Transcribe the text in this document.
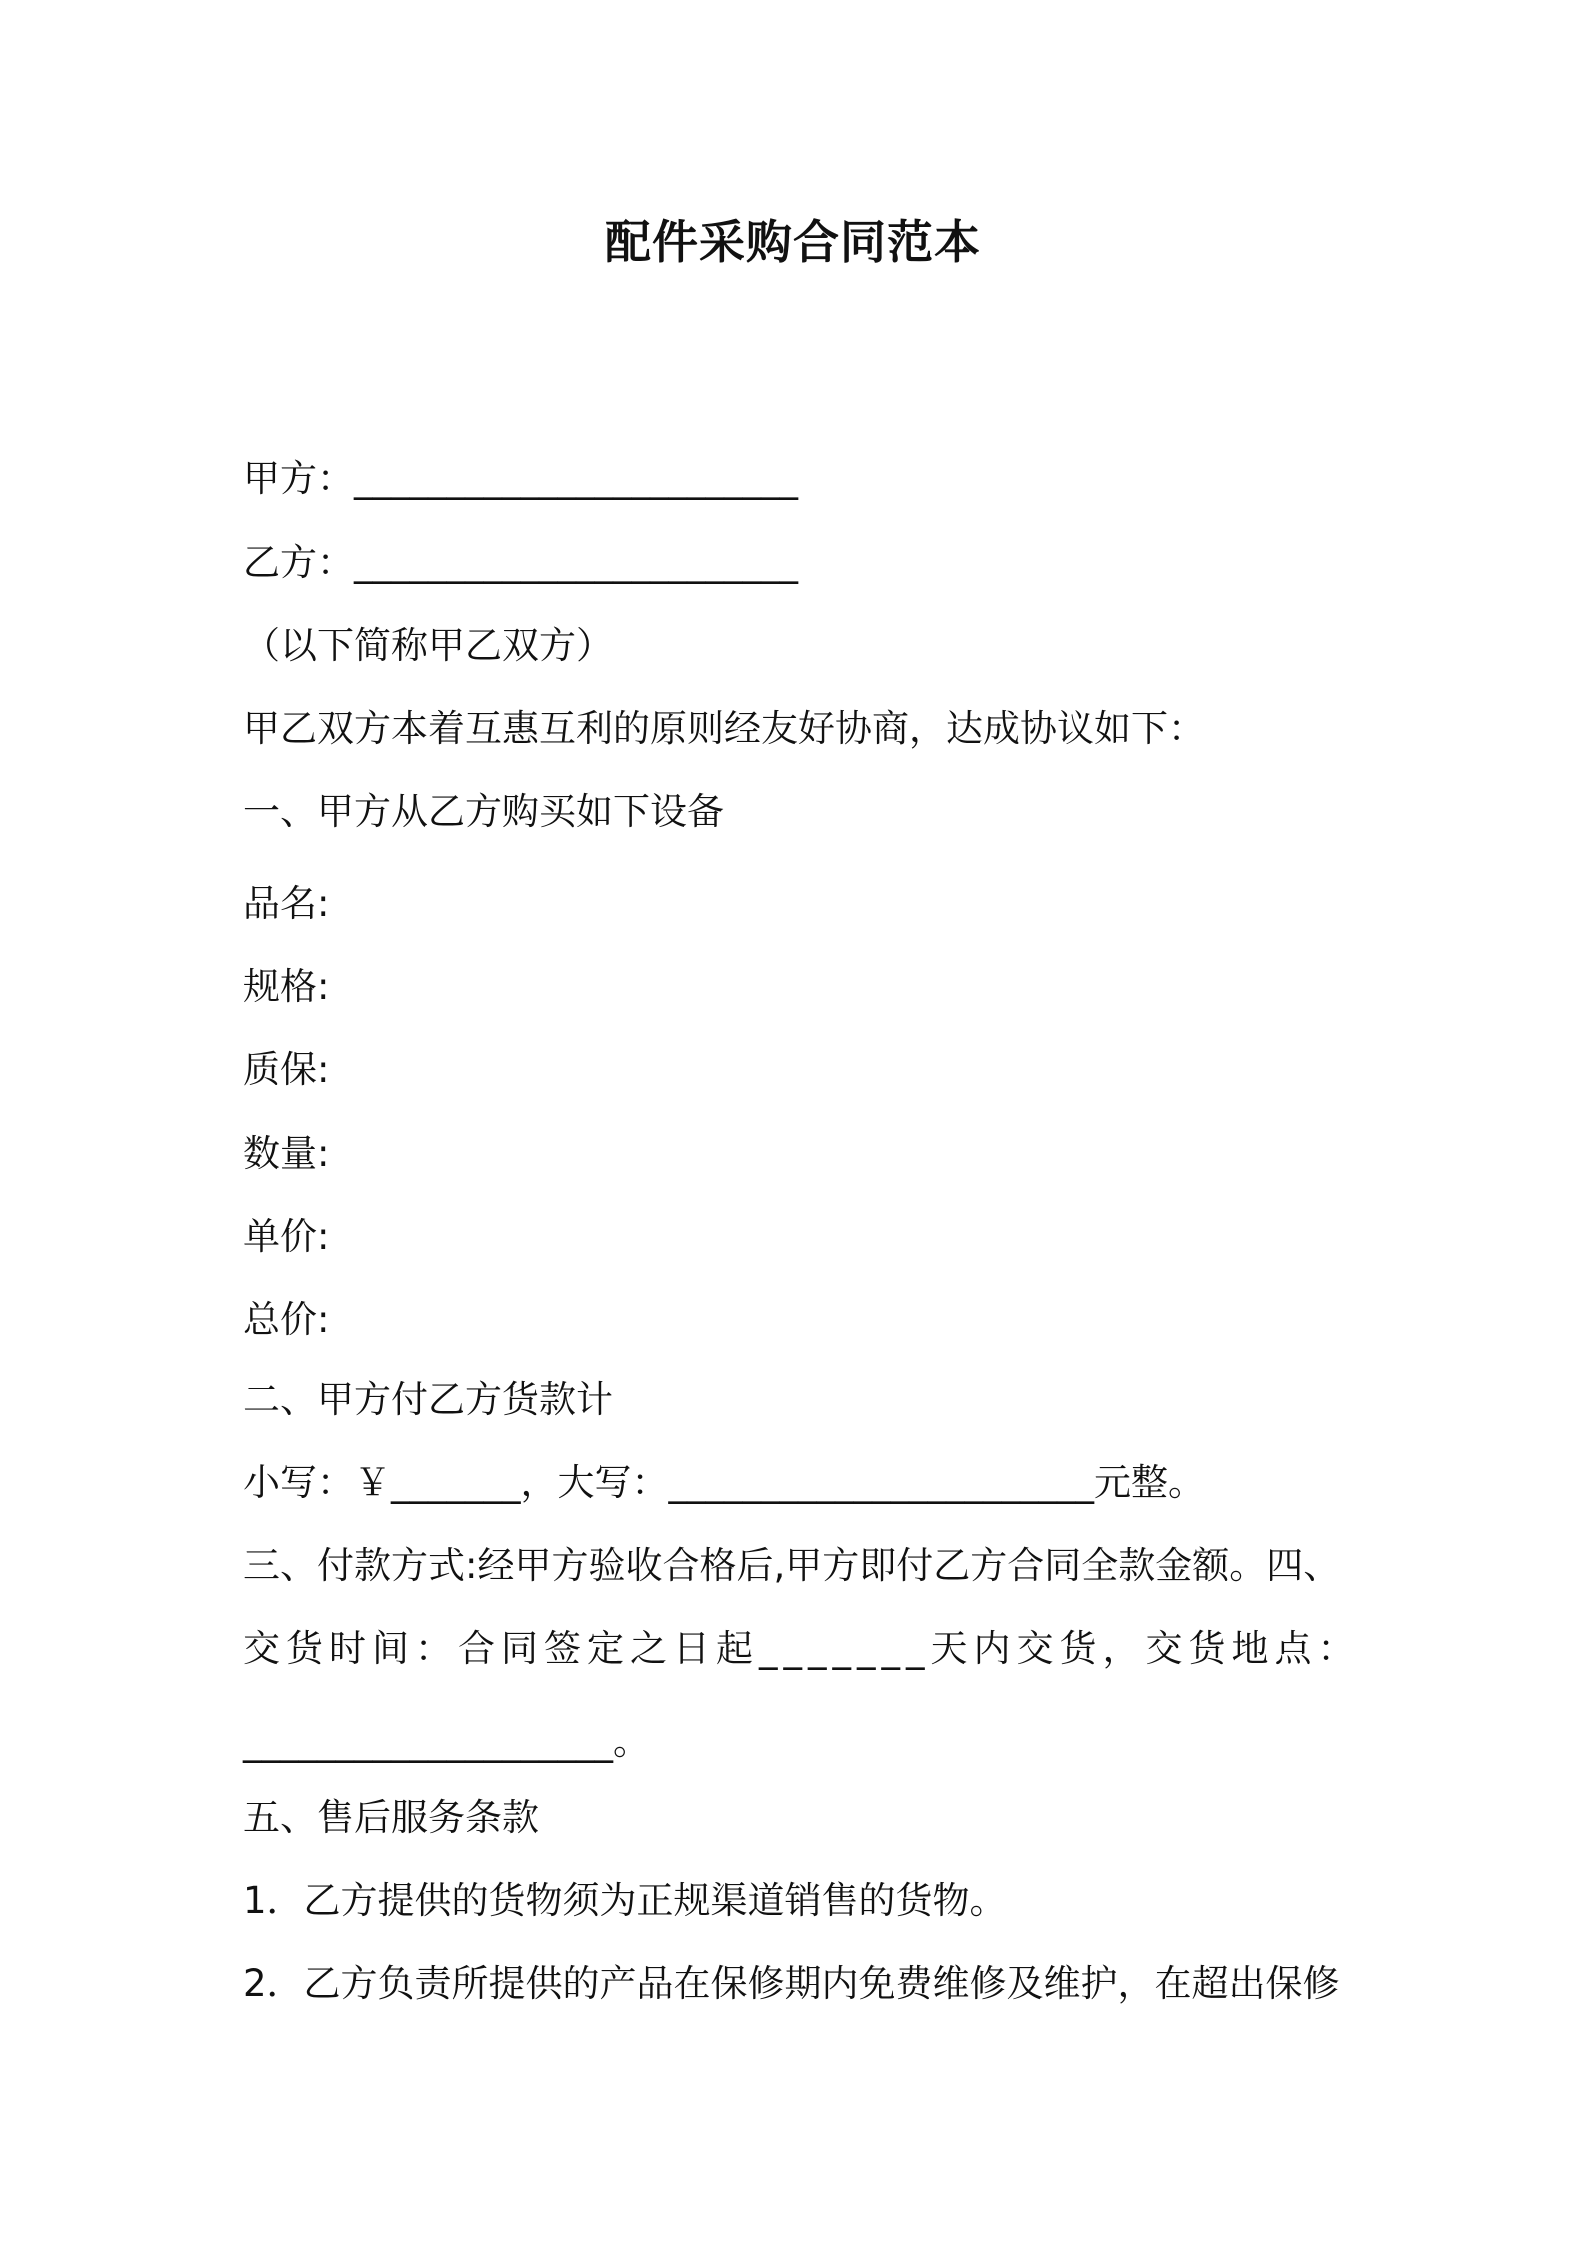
配件采购合同范本
甲方：________________________
乙方：________________________
（以下简称甲乙双方）
甲乙双方本着互惠互利的原则经友好协商，达成协议如下：
一、甲方从乙方购买如下设备
品名:
规格:
质保:
数量:
单价:
总价:
二、甲方付乙方货款计
小写：￥_______，大写：_______________________元整。
三、付款方式:经甲方验收合格后,甲方即付乙方合同全款金额。四、
交货时间：合同签定之日起_______天内交货，交货地点：
____________________。
五、售后服务条款
1．乙方提供的货物须为正规渠道销售的货物。
2．乙方负责所提供的产品在保修期内免费维修及维护，在超出保修
